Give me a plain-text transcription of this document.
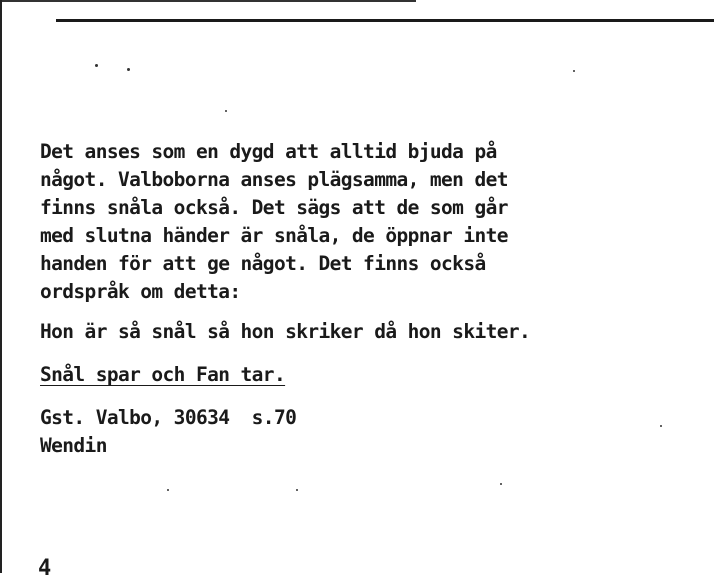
Det anses som en dygd att alltid bjuda på
något. Valboborna anses plägsamma, men det
finns snåla också. Det sägs att de som går
med slutna händer är snåla, de öppnar inte
handen för att ge något. Det finns också
ordspråk om detta:
Hon är så snål så hon skriker då hon skiter.
Snål spar och Fan tar.
Gst. Valbo, 30634  s.70
Wendin
4
